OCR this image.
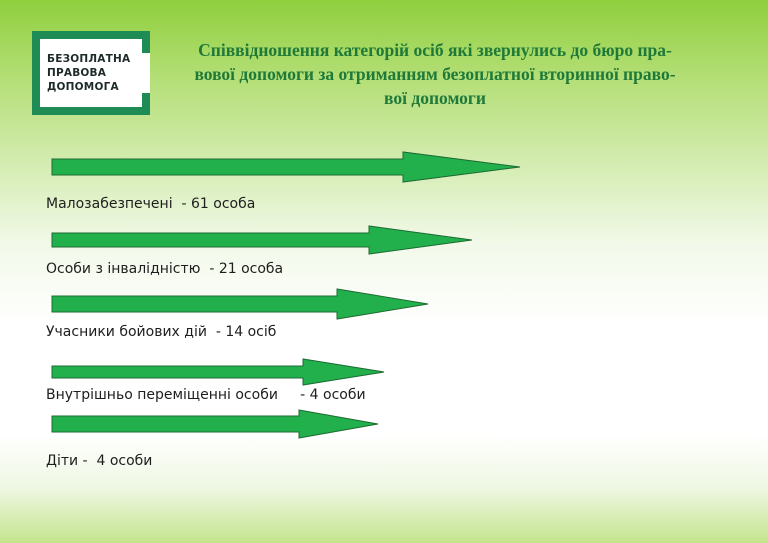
БЕЗОПЛАТНА
ПРАВОВА
ДОПОМОГА

Співвідношення категорій осіб які звернулись до бюро пра-
вової допомоги за отриманням безоплатної вторинної право-
вої допомоги

Малозабезпечені  - 61 особа

Особи з інвалідністю  - 21 особа

Учасники бойових дій  - 14 осіб

Внутрішньо переміщенні особи     - 4 особи

Діти -  4 особи
